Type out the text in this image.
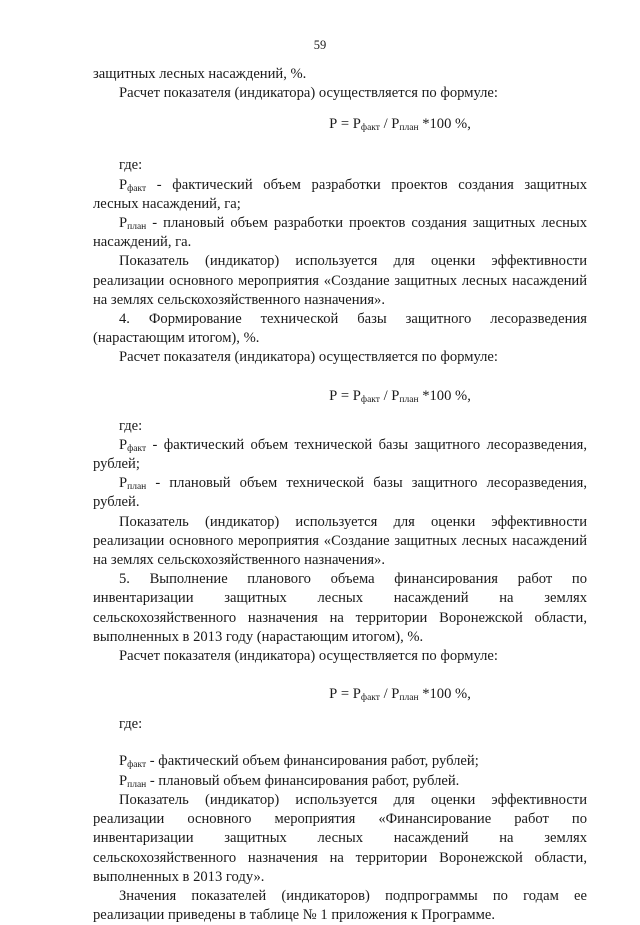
59

защитных лесных насаждений, %.

Расчет показателя (индикатора) осуществляется по формуле:

$Р = Р_{факт} / Р_{план}$ *100 %,

где:

$Р_{факт}$ - фактический объем разработки проектов создания защитных лесных насаждений, га;

$Р_{план}$ - плановый объем разработки проектов создания защитных лесных насаждений, га.

Показатель (индикатор) используется для оценки эффективности реализации основного мероприятия «Создание защитных лесных насаждений на землях сельскохозяйственного назначения».

4. Формирование технической базы защитного лесоразведения (нарастающим итогом), %.

Расчет показателя (индикатора) осуществляется по формуле:

$Р = Р_{факт} / Р_{план}$ *100 %,

где:

$Р_{факт}$ - фактический объем технической базы защитного лесоразведения, рублей;

$Р_{план}$ - плановый объем технической базы защитного лесоразведения, рублей.

Показатель (индикатор) используется для оценки эффективности реализации основного мероприятия «Создание защитных лесных насаждений на землях сельскохозяйственного назначения».

5. Выполнение планового объема финансирования работ по инвентаризации защитных лесных насаждений на землях сельскохозяйственного назначения на территории Воронежской области, выполненных в 2013 году (нарастающим итогом), %.

Расчет показателя (индикатора) осуществляется по формуле:

$Р = Р_{факт} / Р_{план}$ *100 %,

где:

$Р_{факт}$ - фактический объем финансирования работ, рублей;

$Р_{план}$ - плановый объем финансирования работ, рублей.

Показатель (индикатор) используется для оценки эффективности реализации основного мероприятия «Финансирование работ по инвентаризации защитных лесных насаждений на землях сельскохозяйственного назначения на территории Воронежской области, выполненных в 2013 году».

Значения показателей (индикаторов) подпрограммы по годам ее реализации приведены в таблице № 1 приложения к Программе.
